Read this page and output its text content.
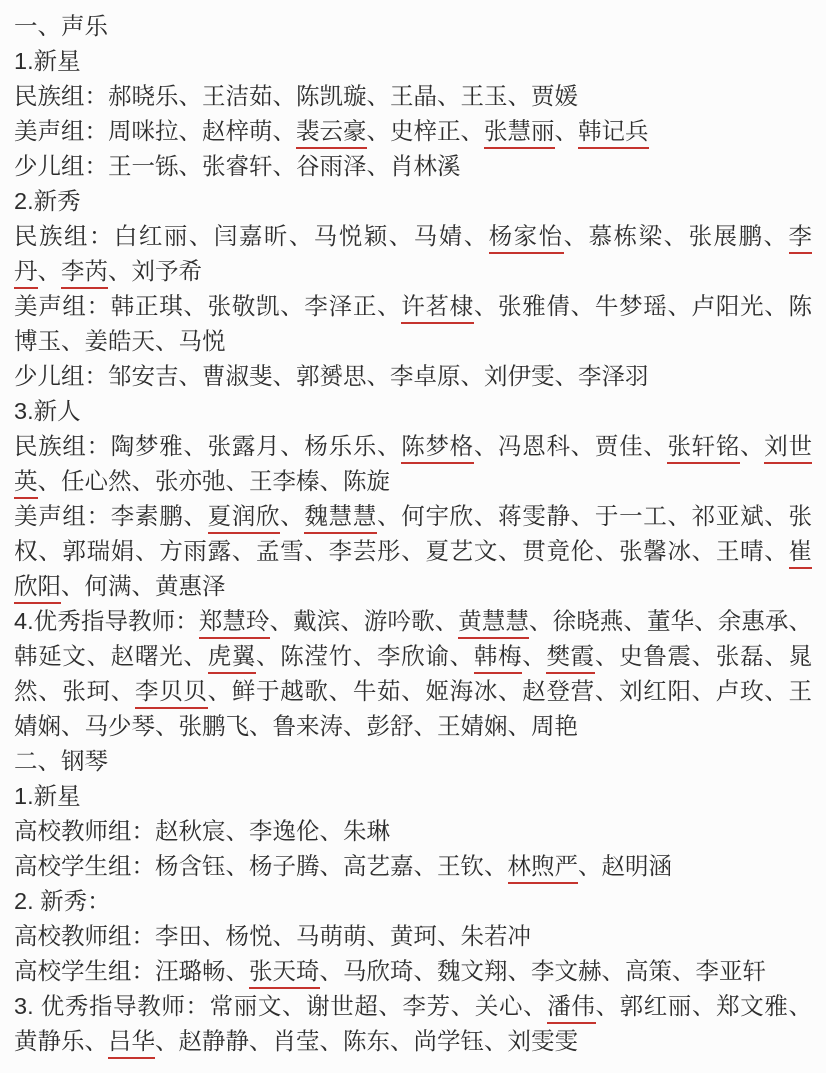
一、声乐

1.新星

民族组：郝晓乐、王洁茹、陈凯璇、王晶、王玉、贾媛

美声组：周咪拉、赵梓萌、裴云豪、史梓正、张慧丽、韩记兵

少儿组：王一铄、张睿轩、谷雨泽、肖林溪

2.新秀

民族组：白红丽、闫嘉昕、马悦颖、马婧、杨家怡、慕栋梁、张展鹏、李丹、李芮、刘予希

美声组：韩正琪、张敬凯、李泽正、许茗棣、张雅倩、牛梦瑶、卢阳光、陈博玉、姜皓天、马悦

少儿组：邹安吉、曹淑斐、郭赟思、李卓原、刘伊雯、李泽羽

3.新人

民族组：陶梦雅、张露月、杨乐乐、陈梦格、冯恩科、贾佳、张轩铭、刘世英、任心然、张亦弛、王李榛、陈旋

美声组：李素鹏、夏润欣、魏慧慧、何宇欣、蒋雯静、于一工、祁亚斌、张权、郭瑞娟、方雨露、孟雪、李芸彤、夏艺文、贯竟伦、张馨冰、王晴、崔欣阳、何满、黄惠泽

4.优秀指导教师：郑慧玲、戴滨、游吟歌、黄慧慧、徐晓燕、董华、余惠承、韩延文、赵曙光、虎翼、陈滢竹、李欣谕、韩梅、樊霞、史鲁震、张磊、晁然、张珂、李贝贝、鲜于越歌、牛茹、姬海冰、赵登营、刘红阳、卢玫、王婧娴、马少琴、张鹏飞、鲁来涛、彭舒、王婧娴、周艳

二、钢琴

1.新星

高校教师组：赵秋宸、李逸伦、朱琳

高校学生组：杨含钰、杨子腾、高艺嘉、王钦、林煦严、赵明涵

2. 新秀：

高校教师组：李田、杨悦、马萌萌、黄珂、朱若冲

高校学生组：汪璐畅、张天琦、马欣琦、魏文翔、李文赫、高策、李亚轩

3. 优秀指导教师：常丽文、谢世超、李芳、关心、潘伟、郭红丽、郑文雅、黄静乐、吕华、赵静静、肖莹、陈东、尚学钰、刘雯雯
